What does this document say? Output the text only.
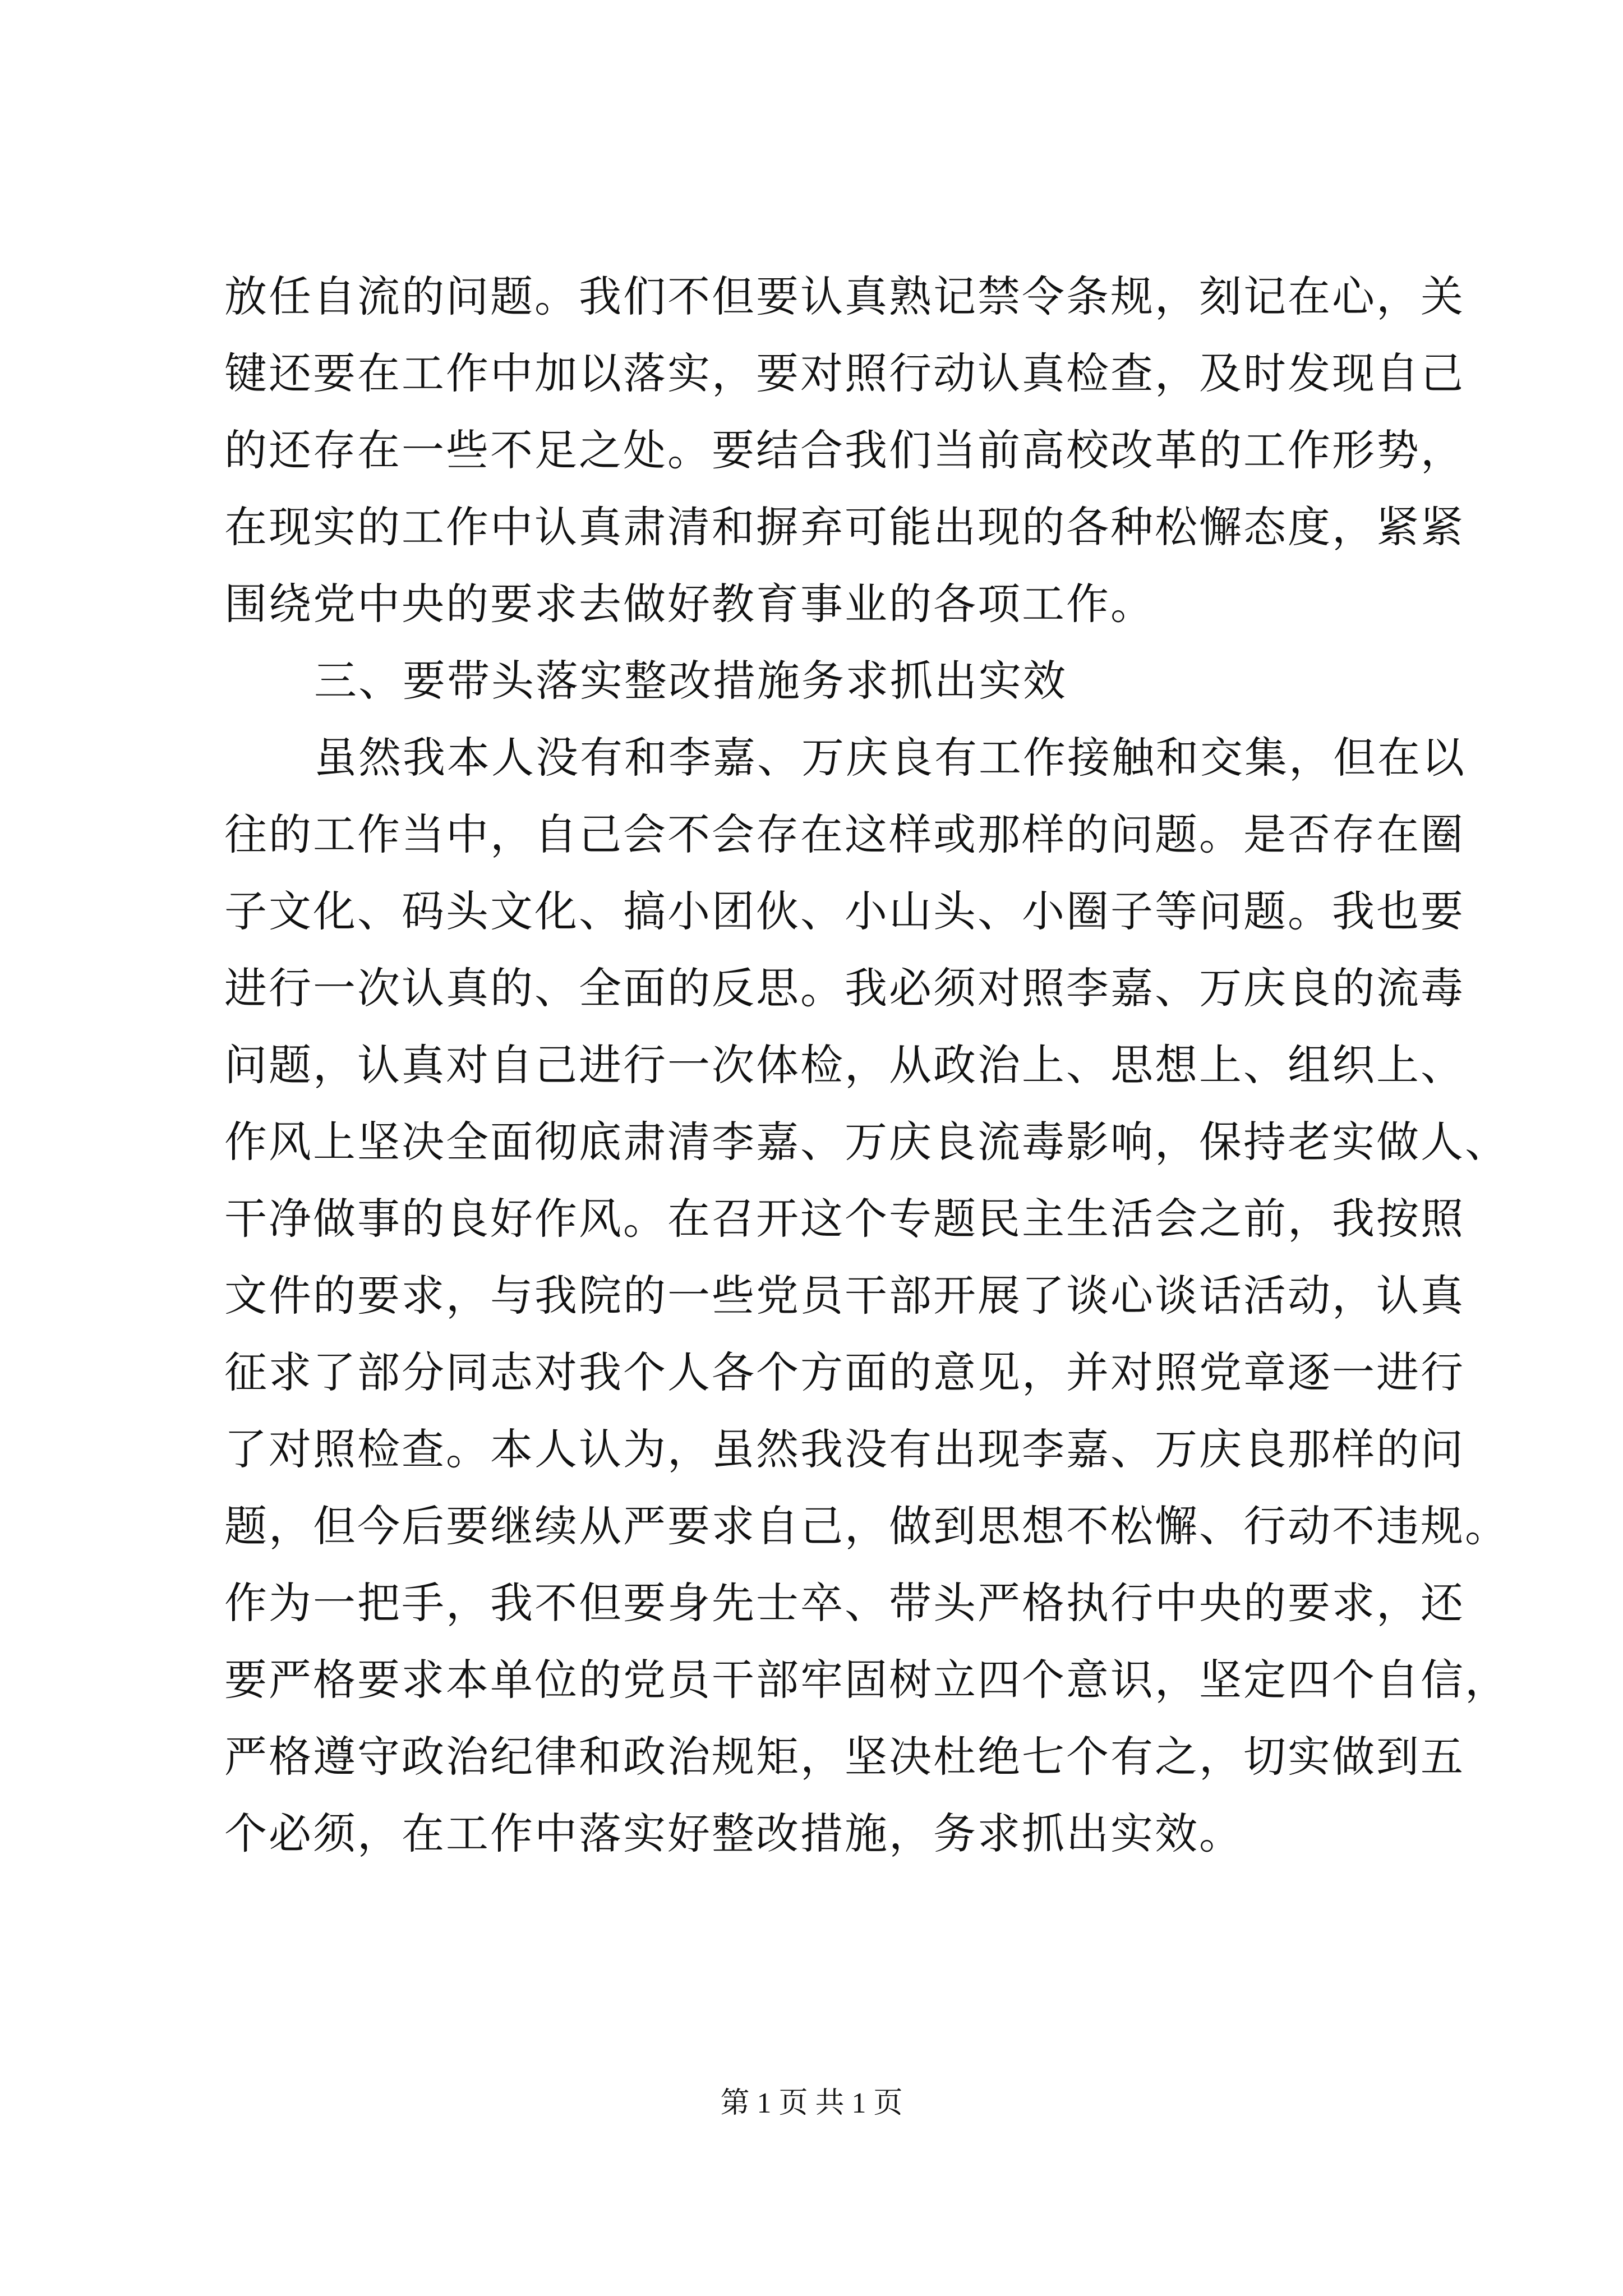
放任自流的问题。我们不但要认真熟记禁令条规，刻记在心，关
键还要在工作中加以落实，要对照行动认真检查，及时发现自己
的还存在一些不足之处。要结合我们当前高校改革的工作形势，
在现实的工作中认真肃清和摒弃可能出现的各种松懈态度，紧紧
围绕党中央的要求去做好教育事业的各项工作。
三、要带头落实整改措施务求抓出实效
虽然我本人没有和李嘉、万庆良有工作接触和交集，但在以
往的工作当中，自己会不会存在这样或那样的问题。是否存在圈
子文化、码头文化、搞小团伙、小山头、小圈子等问题。我也要
进行一次认真的、全面的反思。我必须对照李嘉、万庆良的流毒
问题，认真对自己进行一次体检，从政治上、思想上、组织上、
作风上坚决全面彻底肃清李嘉、万庆良流毒影响，保持老实做人、
干净做事的良好作风。在召开这个专题民主生活会之前，我按照
文件的要求，与我院的一些党员干部开展了谈心谈话活动，认真
征求了部分同志对我个人各个方面的意见，并对照党章逐一进行
了对照检查。本人认为，虽然我没有出现李嘉、万庆良那样的问
题，但今后要继续从严要求自己，做到思想不松懈、行动不违规。
作为一把手，我不但要身先士卒、带头严格执行中央的要求，还
要严格要求本单位的党员干部牢固树立四个意识，坚定四个自信，
严格遵守政治纪律和政治规矩，坚决杜绝七个有之，切实做到五
个必须，在工作中落实好整改措施，务求抓出实效。
第 1 页 共 1 页
